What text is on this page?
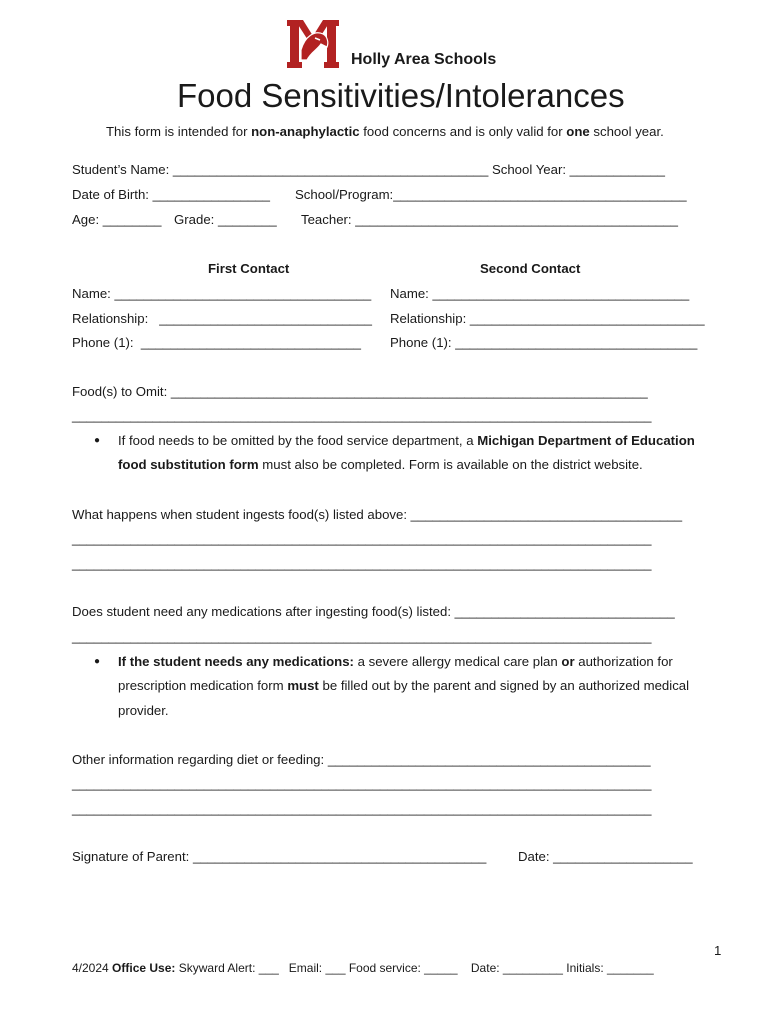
Holly Area Schools
Food Sensitivities/Intolerances
This form is intended for non-anaphylactic food concerns and is only valid for one school year.
Student’s Name: ___________________________________________ School Year: _____________
Date of Birth: ________________ School/Program:________________________________________
Age: ________ Grade: ________ Teacher: ____________________________________________
First Contact	Second Contact
Name: ___________________________________ Name: ___________________________________
Relationship:   _____________________________ Relationship: ________________________________
Phone (1):  ______________________________ Phone (1): _________________________________
Food(s) to Omit: _________________________________________________________________
_______________________________________________________________________________
● If food needs to be omitted by the food service department, a Michigan Department of Education
food substitution form must also be completed. Form is available on the district website.
What happens when student ingests food(s) listed above: _____________________________________
_______________________________________________________________________________
_______________________________________________________________________________
Does student need any medications after ingesting food(s) listed: ______________________________
_______________________________________________________________________________
● If the student needs any medications: a severe allergy medical care plan or authorization for
prescription medication form must be filled out by the parent and signed by an authorized medical
provider.
Other information regarding diet or feeding: ____________________________________________
_______________________________________________________________________________
_______________________________________________________________________________
Signature of Parent: ________________________________________ Date: ___________________
1
4/2024 Office Use: Skyward Alert: ___   Email: ___ Food service: _____    Date: _________ Initials: _______
